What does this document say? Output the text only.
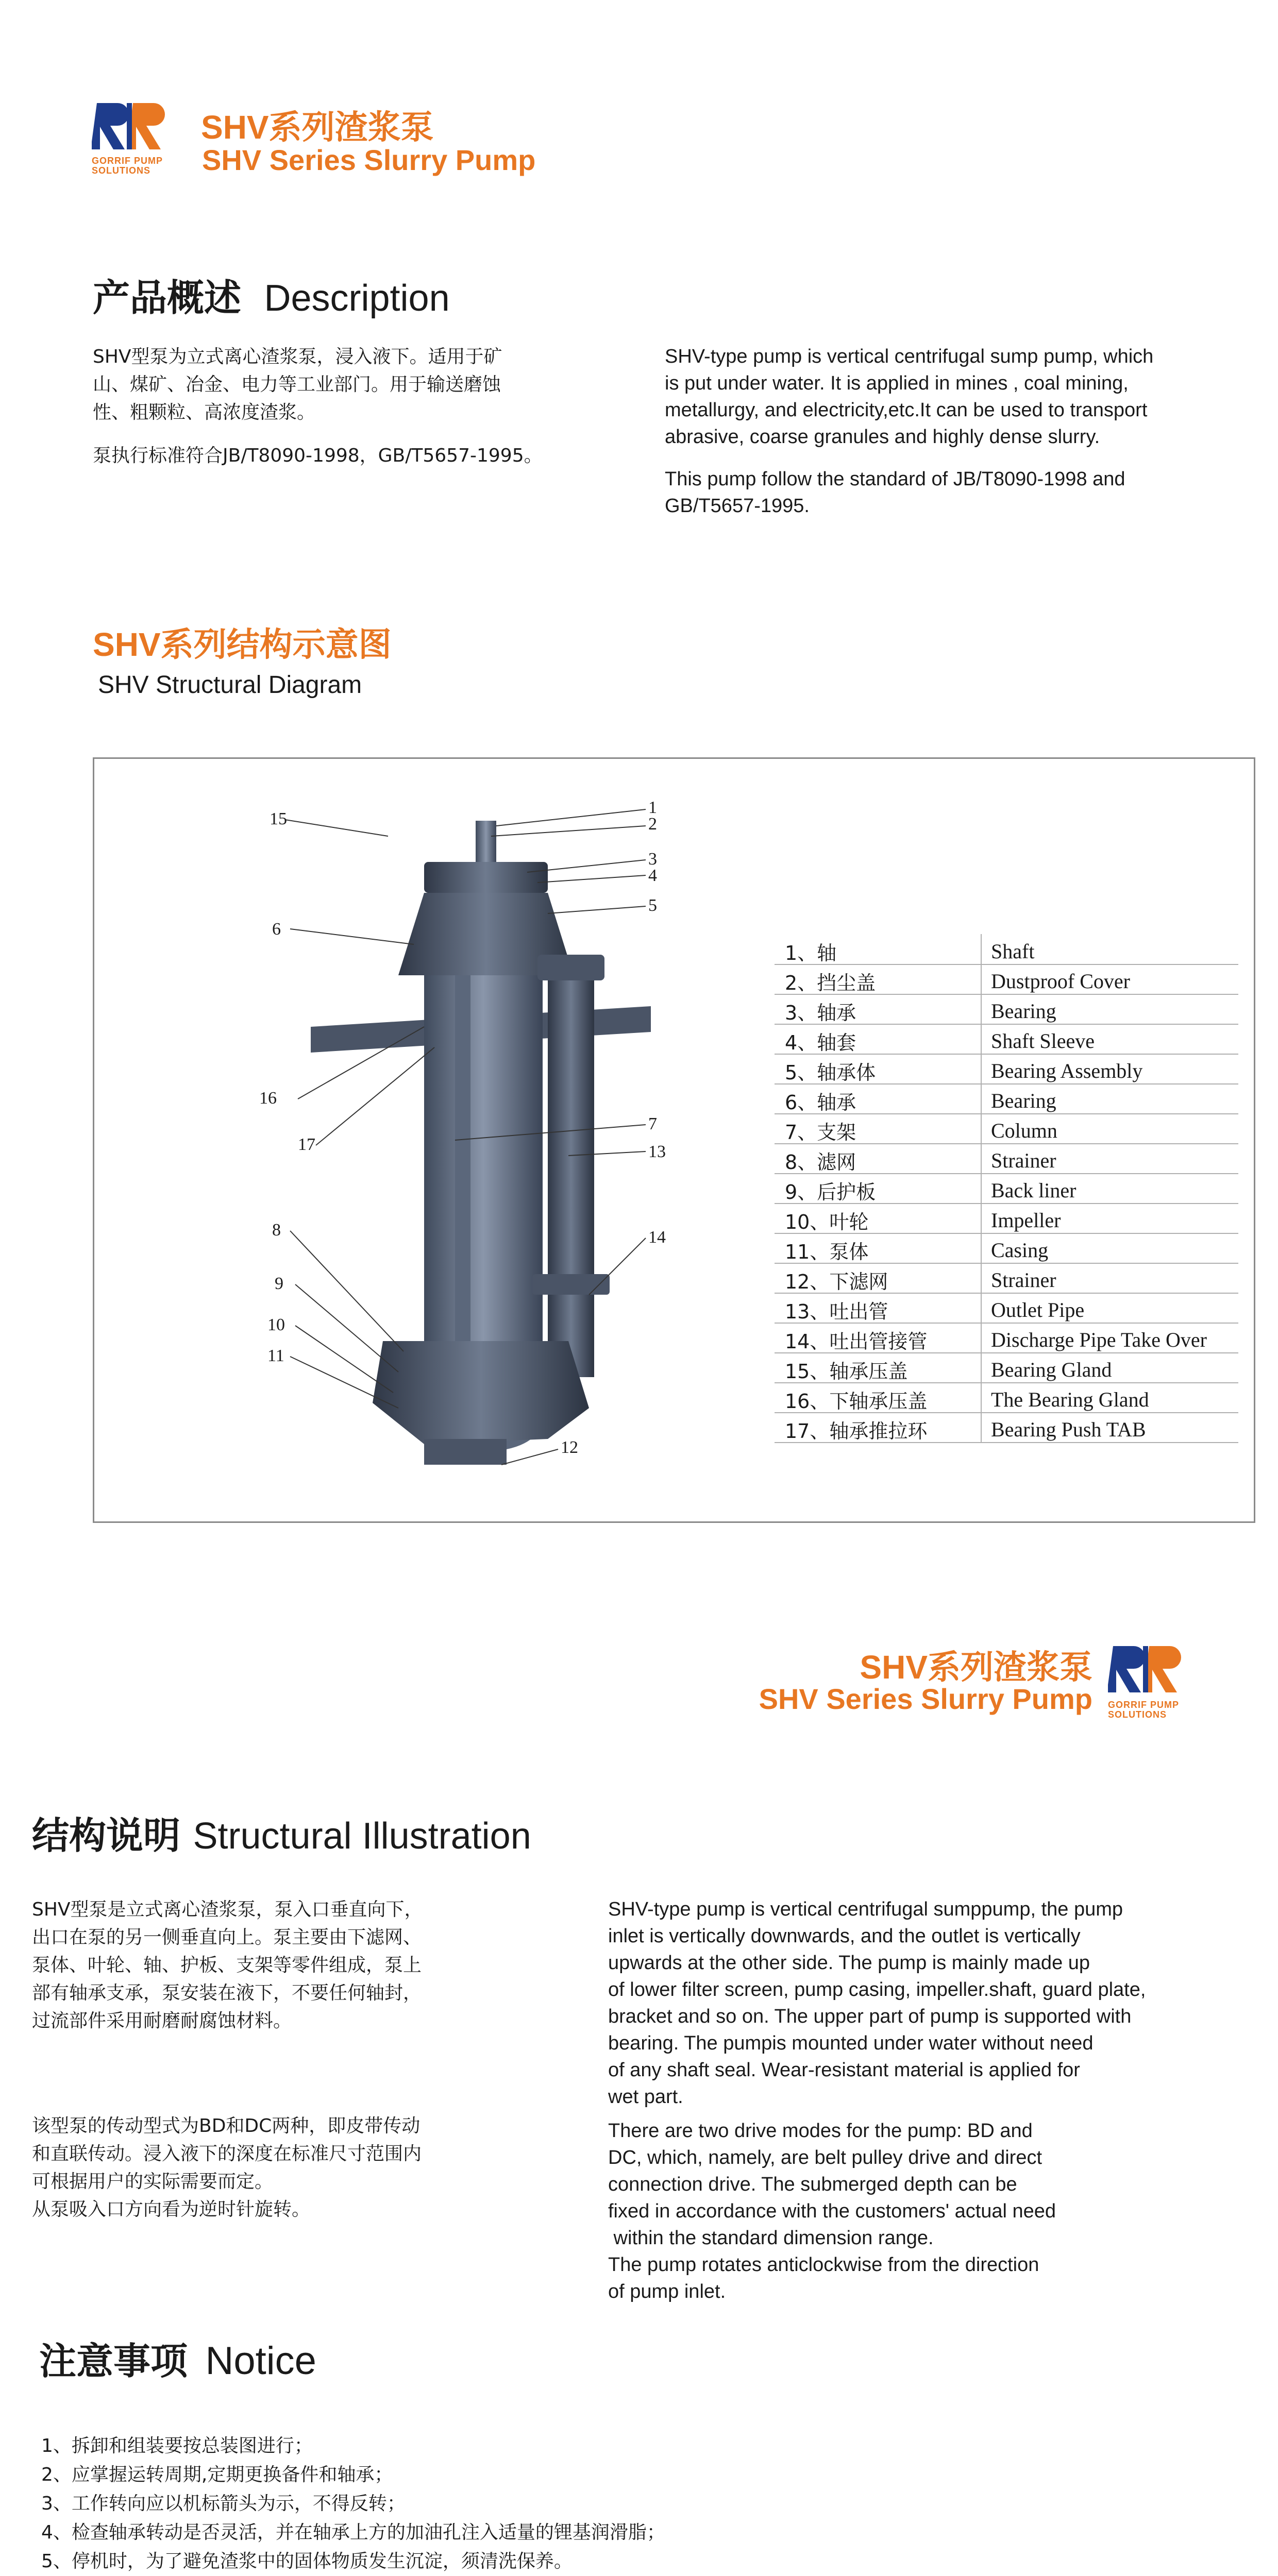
GORRIF PUMP
SOLUTIONS
SHV系列渣浆泵
SHV Series Slurry Pump
产品概述 Description
SHV型泵为立式离心渣浆泵，浸入液下。适用于矿
山、煤矿、冶金、电力等工业部门。用于输送磨蚀
性、粗颗粒、高浓度渣浆。
泵执行标准符合JB/T8090-1998，GB/T5657-1995。
SHV-type pump is vertical centrifugal sump pump, which
is put under water. It is applied in mines , coal mining,
metallurgy, and electricity,etc.It can be used to transport
abrasive, coarse granules and highly dense slurry.
This pump follow the standard of JB/T8090-1998 and
GB/T5657-1995.
SHV系列结构示意图
SHV Structural Diagram
1
2
3
4
5
6
7
8
9
10
11
12
13
14
15
16
17
1、轴	Shaft
2、挡尘盖	Dustproof Cover
3、轴承	Bearing
4、轴套	Shaft Sleeve
5、轴承体	Bearing Assembly
6、轴承	Bearing
7、支架	Column
8、滤网	Strainer
9、后护板	Back liner
10、叶轮	Impeller
11、泵体	Casing
12、下滤网	Strainer
13、吐出管	Outlet Pipe
14、吐出管接管	Discharge Pipe Take Over
15、轴承压盖	Bearing Gland
16、下轴承压盖	The Bearing Gland
17、轴承推拉环	Bearing Push TAB
SHV系列渣浆泵
SHV Series Slurry Pump GORRIF PUMP
SOLUTIONS
结构说明 Structural Illustration
SHV型泵是立式离心渣浆泵，泵入口垂直向下，
出口在泵的另一侧垂直向上。泵主要由下滤网、
泵体、叶轮、轴、护板、支架等零件组成，泵上
部有轴承支承，泵安装在液下，不要任何轴封，
过流部件采用耐磨耐腐蚀材料。
该型泵的传动型式为BD和DC两种，即皮带传动
和直联传动。浸入液下的深度在标准尺寸范围内
可根据用户的实际需要而定。
从泵吸入口方向看为逆时针旋转。
SHV-type pump is vertical centrifugal sumppump, the pump
inlet is vertically downwards, and the outlet is vertically
upwards at the other side. The pump is mainly made up
of lower filter screen, pump casing, impeller.shaft, guard plate,
bracket and so on. The upper part of pump is supported with
bearing. The pumpis mounted under water without need
of any shaft seal. Wear-resistant material is applied for
wet part.
There are two drive modes for the pump: BD and
DC, which, namely, are belt pulley drive and direct
connection drive. The submerged depth can be
fixed in accordance with the customers' actual need
within the standard dimension range.
The pump rotates anticlockwise from the direction
of pump inlet.
注意事项 Notice
1、拆卸和组装要按总装图进行；
2、应掌握运转周期,定期更换备件和轴承；
3、工作转向应以机标箭头为示，不得反转；
4、检查轴承转动是否灵活，并在轴承上方的加油孔注入适量的锂基润滑脂；
5、停机时，为了避免渣浆中的固体物质发生沉淀，须清洗保养。
